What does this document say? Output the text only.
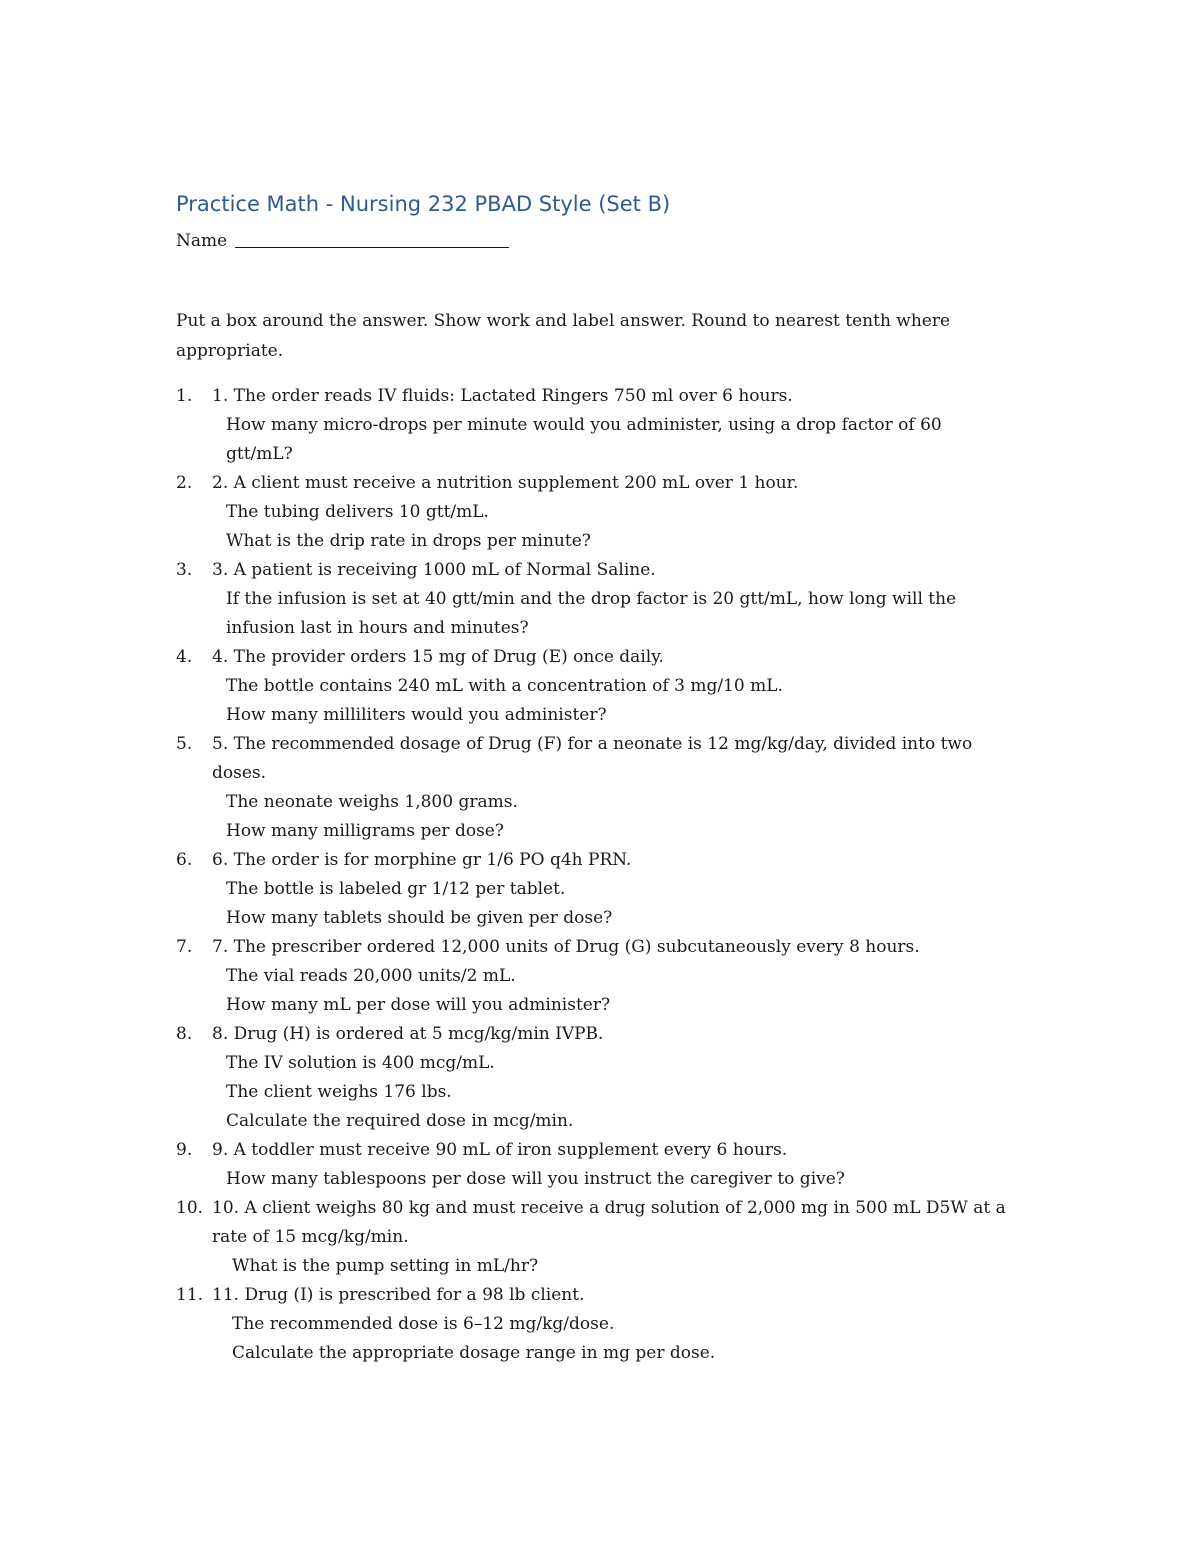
Practice Math - Nursing 232 PBAD Style (Set B)
Name
Put a box around the answer. Show work and label answer. Round to nearest tenth where appropriate.
1. 1. The order reads IV fluids: Lactated Ringers 750 ml over 6 hours.
How many micro-drops per minute would you administer, using a drop factor of 60 gtt/mL?
2. 2. A client must receive a nutrition supplement 200 mL over 1 hour.
The tubing delivers 10 gtt/mL.
What is the drip rate in drops per minute?
3. 3. A patient is receiving 1000 mL of Normal Saline.
If the infusion is set at 40 gtt/min and the drop factor is 20 gtt/mL, how long will the infusion last in hours and minutes?
4. 4. The provider orders 15 mg of Drug (E) once daily.
The bottle contains 240 mL with a concentration of 3 mg/10 mL.
How many milliliters would you administer?
5. 5. The recommended dosage of Drug (F) for a neonate is 12 mg/kg/day, divided into two doses.
The neonate weighs 1,800 grams.
How many milligrams per dose?
6. 6. The order is for morphine gr 1/6 PO q4h PRN.
The bottle is labeled gr 1/12 per tablet.
How many tablets should be given per dose?
7. 7. The prescriber ordered 12,000 units of Drug (G) subcutaneously every 8 hours.
The vial reads 20,000 units/2 mL.
How many mL per dose will you administer?
8. 8. Drug (H) is ordered at 5 mcg/kg/min IVPB.
The IV solution is 400 mcg/mL.
The client weighs 176 lbs.
Calculate the required dose in mcg/min.
9. 9. A toddler must receive 90 mL of iron supplement every 6 hours.
How many tablespoons per dose will you instruct the caregiver to give?
10. 10. A client weighs 80 kg and must receive a drug solution of 2,000 mg in 500 mL D5W at a rate of 15 mcg/kg/min.
What is the pump setting in mL/hr?
11. 11. Drug (I) is prescribed for a 98 lb client.
The recommended dose is 6–12 mg/kg/dose.
Calculate the appropriate dosage range in mg per dose.
